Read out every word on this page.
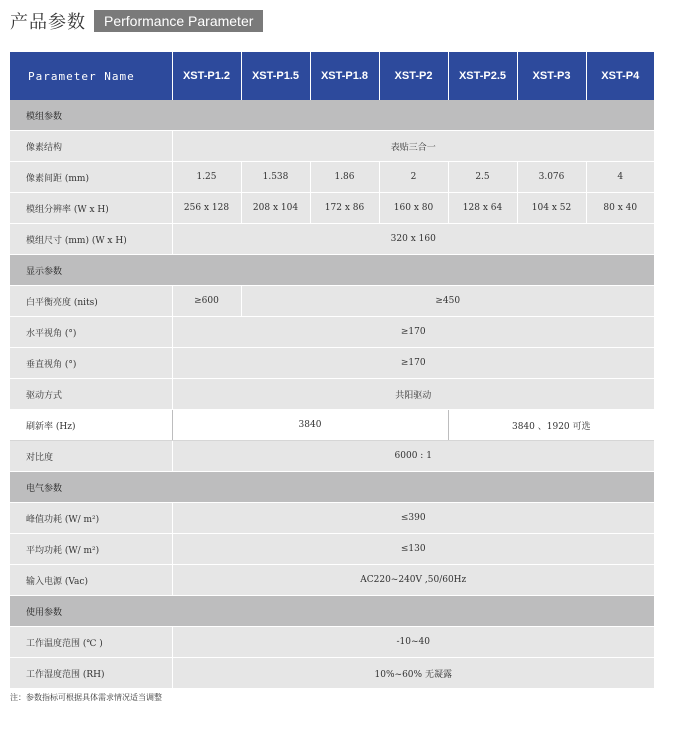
产品参数	Performance Parameter
Parameter Name	XST-P1.2	XST-P1.5	XST-P1.8	XST-P2	XST-P2.5	XST-P3	XST-P4
模组参数							
像素结构	表贴三合一						
像素间距 (mm)	1.25	1.538	1.86	2	2.5	3.076	4
模组分辨率 (W x H)	256 x 128	208 x 104	172 x 86	160 x 80	128 x 64	104 x 52	80 x 40
模组尺寸 (mm) (W x H)	320 x 160						
显示参数							
白平衡亮度 (nits)	≥600	≥450					
水平视角 (°)	≥170						
垂直视角 (°)	≥170						
驱动方式	共阳驱动						
刷新率 (Hz)	3840				3840 、1920 可选		
对比度	6000 : 1						
电气参数							
峰值功耗 (W/ m²)	≤390						
平均功耗 (W/ m²)	≤130						
输入电源 (Vac)	AC220~240V ,50/60Hz						
使用参数							
工作温度范围 (℃ )	-10~40						
工作湿度范围 (RH)	10%~60% 无凝露						
注：参数指标可根据具体需求情况适当调整
